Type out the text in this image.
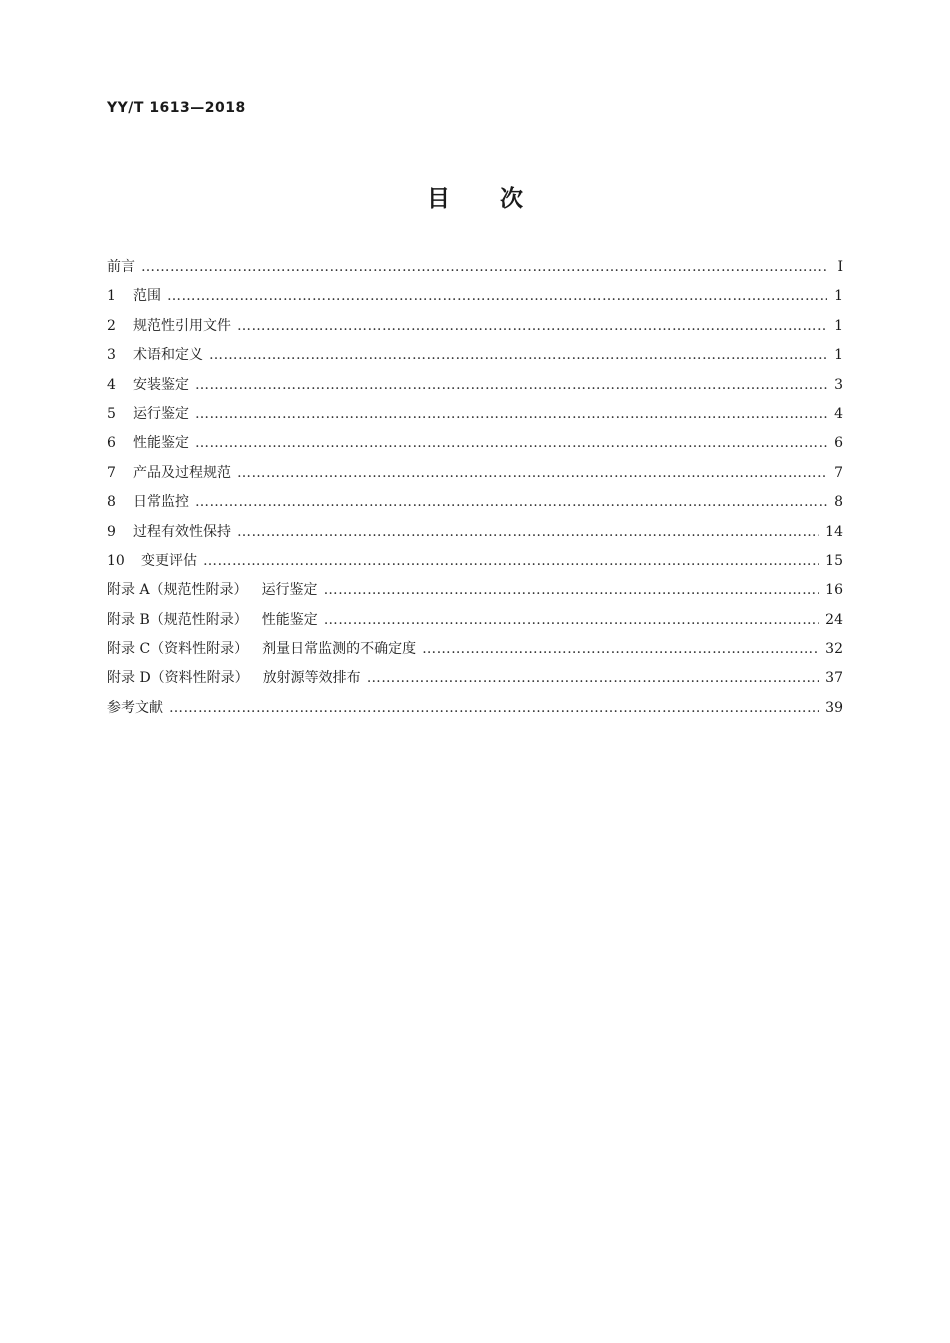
YY/T 1613—2018
目 次
前言 ………………………………………………………………………………………………………………………………………………………………………………………………………	Ⅰ
1 范围 ………………………………………………………………………………………………………………………………………………………………………………………………………	1
2 规范性引用文件 ………………………………………………………………………………………………………………………………………………………………………………………………………	1
3 术语和定义 ………………………………………………………………………………………………………………………………………………………………………………………………………	1
4 安装鉴定 ………………………………………………………………………………………………………………………………………………………………………………………………………	3
5 运行鉴定 ………………………………………………………………………………………………………………………………………………………………………………………………………	4
6 性能鉴定 ………………………………………………………………………………………………………………………………………………………………………………………………………	6
7 产品及过程规范 ………………………………………………………………………………………………………………………………………………………………………………………………………	7
8 日常监控 ………………………………………………………………………………………………………………………………………………………………………………………………………	8
9 过程有效性保持 ………………………………………………………………………………………………………………………………………………………………………………………………………	14
10 变更评估 ………………………………………………………………………………………………………………………………………………………………………………………………………	15
附录 A（规范性附录） 运行鉴定 ………………………………………………………………………………………………………………………………………………………………………………………………………	16
附录 B（规范性附录） 性能鉴定 ………………………………………………………………………………………………………………………………………………………………………………………………………	24
附录 C（资料性附录） 剂量日常监测的不确定度 ………………………………………………………………………………………………………………………………………………………………………………………………………	32
附录 D（资料性附录） 放射源等效排布 ………………………………………………………………………………………………………………………………………………………………………………………………………	37
参考文献 ………………………………………………………………………………………………………………………………………………………………………………………………………	39
